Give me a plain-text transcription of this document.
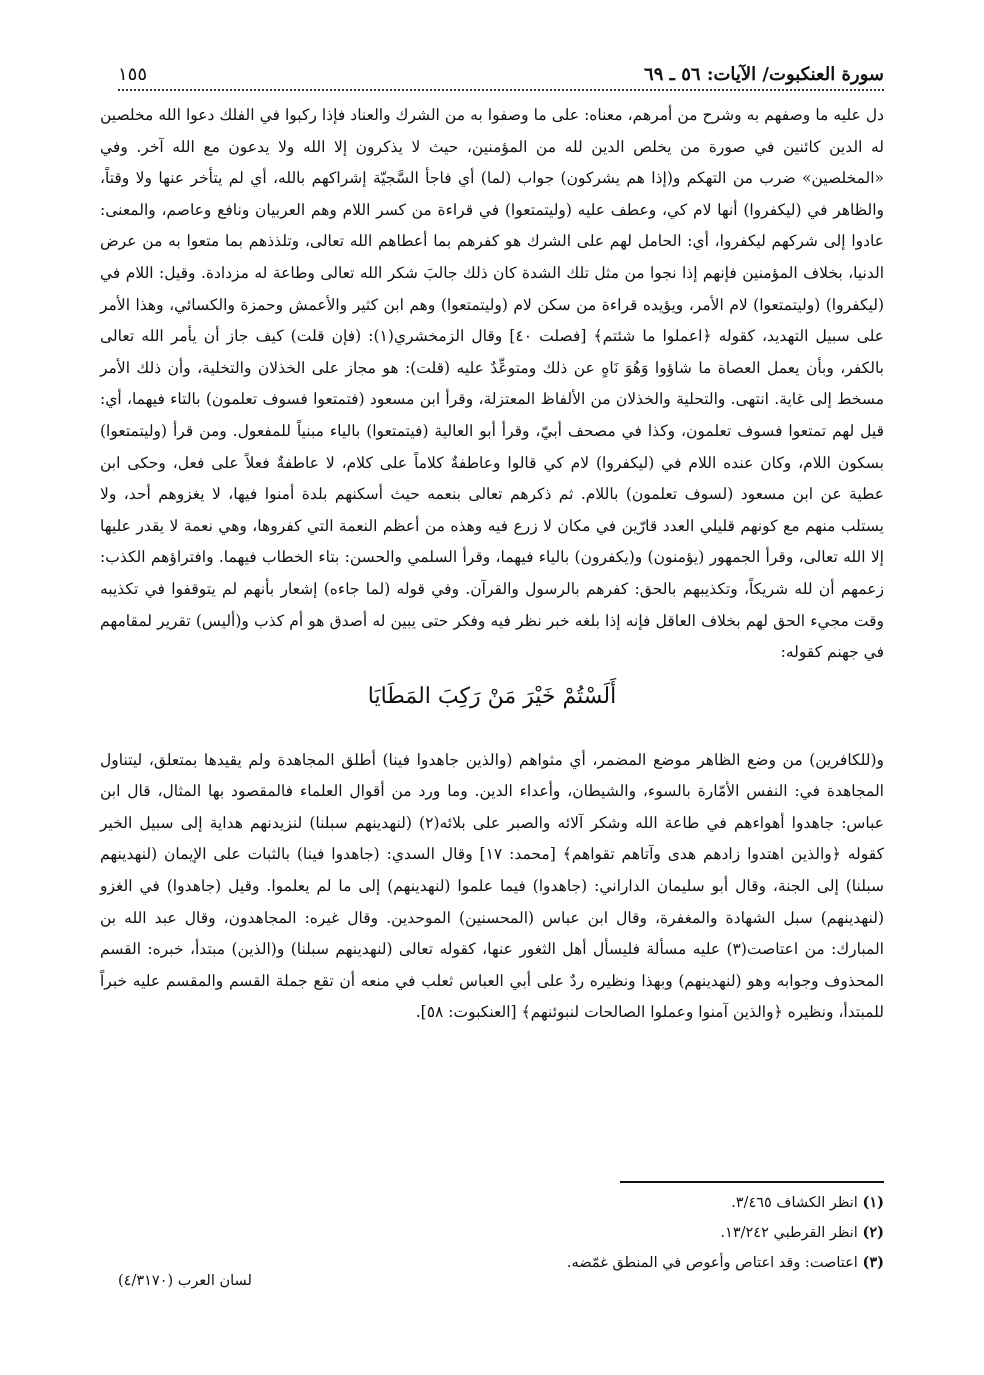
سورة العنكبوت/ الآيات: ٥٦ ـ ٦٩
١٥٥

دل عليه ما وصفهم به وشرح من أمرهم، معناه: على ما وصفوا به من الشرك والعناد فإذا ركبوا في الفلك دعوا الله مخلصين له الدين كائنين في صورة من يخلص الدين لله من المؤمنين، حيث لا يذكرون إلا الله ولا يدعون مع الله آخر. وفي «المخلصين» ضرب من التهكم و(إذا هم يشركون) جواب (لما) أي فاجأ السَّجيّة إشراكهم بالله، أي لم يتأخر عنها ولا وقتاً، والظاهر في (ليكفروا) أنها لام كي، وعطف عليه (وليتمتعوا) في قراءة من كسر اللام وهم العربيان ونافع وعاصم، والمعنى: عادوا إلى شركهم ليكفروا، أي: الحامل لهم على الشرك هو كفرهم بما أعطاهم الله تعالى، وتلذذهم بما متعوا به من عرض الدنيا، بخلاف المؤمنين فإنهم إذا نجوا من مثل تلك الشدة كان ذلك جالبَ شكر الله تعالى وطاعة له مزدادة. وقيل: اللام في (ليكفروا) (وليتمتعوا) لام الأمر، ويؤيده قراءة من سكن لام (وليتمتعوا) وهم ابن كثير والأعمش وحمزة والكسائي، وهذا الأمر على سبيل التهديد، كقوله ﴿اعملوا ما شئتم﴾ [فصلت ٤٠] وقال الزمخشري(١): (فإن قلت) كيف جاز أن يأمر الله تعالى بالكفر، وبأن يعمل العصاة ما شاؤوا وَهُوَ نَاهٍ عن ذلك ومتوعِّدٌ عليه (قلت): هو مجاز على الخذلان والتخلية، وأن ذلك الأمر مسخط إلى غاية. انتهى. والتحلية والخذلان من الألفاظ المعتزلة، وقرأ ابن مسعود (فتمتعوا فسوف تعلمون) بالتاء فيهما، أي: قيل لهم تمتعوا فسوف تعلمون، وكذا في مصحف أبيّ، وقرأ أبو العالية (فيتمتعوا) بالياء مبنياً للمفعول. ومن قرأ (وليتمتعوا) بسكون اللام، وكان عنده اللام في (ليكفروا) لام كي قالوا وعاطفةٌ كلاماً على كلام، لا عاطفةٌ فعلاً على فعل، وحكى ابن عطية عن ابن مسعود (لسوف تعلمون) باللام. ثم ذكرهم تعالى بنعمه حيث أسكنهم بلدة أمنوا فيها، لا يغزوهم أحد، ولا يستلب منهم مع كونهم قليلي العدد قارّين في مكان لا زرع فيه وهذه من أعظم النعمة التي كفروها، وهي نعمة لا يقدر عليها إلا الله تعالى، وقرأ الجمهور (يؤمنون) و(يكفرون) بالياء فيهما، وقرأ السلمي والحسن: بتاء الخطاب فيهما. وافتراؤهم الكذب: زعمهم أن لله شريكاً، وتكذيبهم بالحق: كفرهم بالرسول والقرآن. وفي قوله (لما جاءه) إشعار بأنهم لم يتوقفوا في تكذيبه وقت مجيء الحق لهم بخلاف العاقل فإنه إذا بلغه خبر نظر فيه وفكر حتى يبين له أصدق هو أم كذب و(أليس) تقرير لمقامهم في جهنم كقوله:

أَلَسْتُمْ خَيْرَ مَنْ رَكِبَ المَطَايَا

و(للكافرين) من وضع الظاهر موضع المضمر، أي مثواهم (والذين جاهدوا فينا) أطلق المجاهدة ولم يقيدها بمتعلق، ليتناول المجاهدة في: النفس الأمّارة بالسوء، والشيطان، وأعداء الدين. وما ورد من أقوال العلماء فالمقصود بها المثال، قال ابن عباس: جاهدوا أهواءهم في طاعة الله وشكر آلائه والصبر على بلائه(٢) (لنهدينهم سبلنا) لنزيدنهم هداية إلى سبيل الخير كقوله ﴿والذين اهتدوا زادهم هدى وآتاهم تقواهم﴾ [محمد: ١٧] وقال السدي: (جاهدوا فينا) بالثبات على الإيمان (لنهدينهم سبلنا) إلى الجنة، وقال أبو سليمان الداراني: (جاهدوا) فيما علموا (لنهدينهم) إلى ما لم يعلموا. وقيل (جاهدوا) في الغزو (لنهدينهم) سبل الشهادة والمغفرة، وقال ابن عباس (المحسنين) الموحدين. وقال غيره: المجاهدون، وقال عبد الله بن المبارك: من اعتاصت(٣) عليه مسألة فليسأل أهل الثغور عنها، كقوله تعالى (لنهدينهم سبلنا) و(الذين) مبتدأ، خبره: القسم المحذوف وجوابه وهو (لنهدينهم) وبهذا ونظيره ردٌ على أبي العباس ثعلب في منعه أن تقع جملة القسم والمقسم عليه خبراً للمبتدأ، ونظيره ﴿والذين آمنوا وعملوا الصالحات لنبوئنهم﴾ [العنكبوت: ٥٨].

(١) انظر الكشاف ٣/٤٦٥.
(٢) انظر القرطبي ١٣/٢٤٢.
(٣) اعتاصت: وقد اعتاص وأعوص في المنطق غمّضه.
لسان العرب (٤/٣١٧٠)
